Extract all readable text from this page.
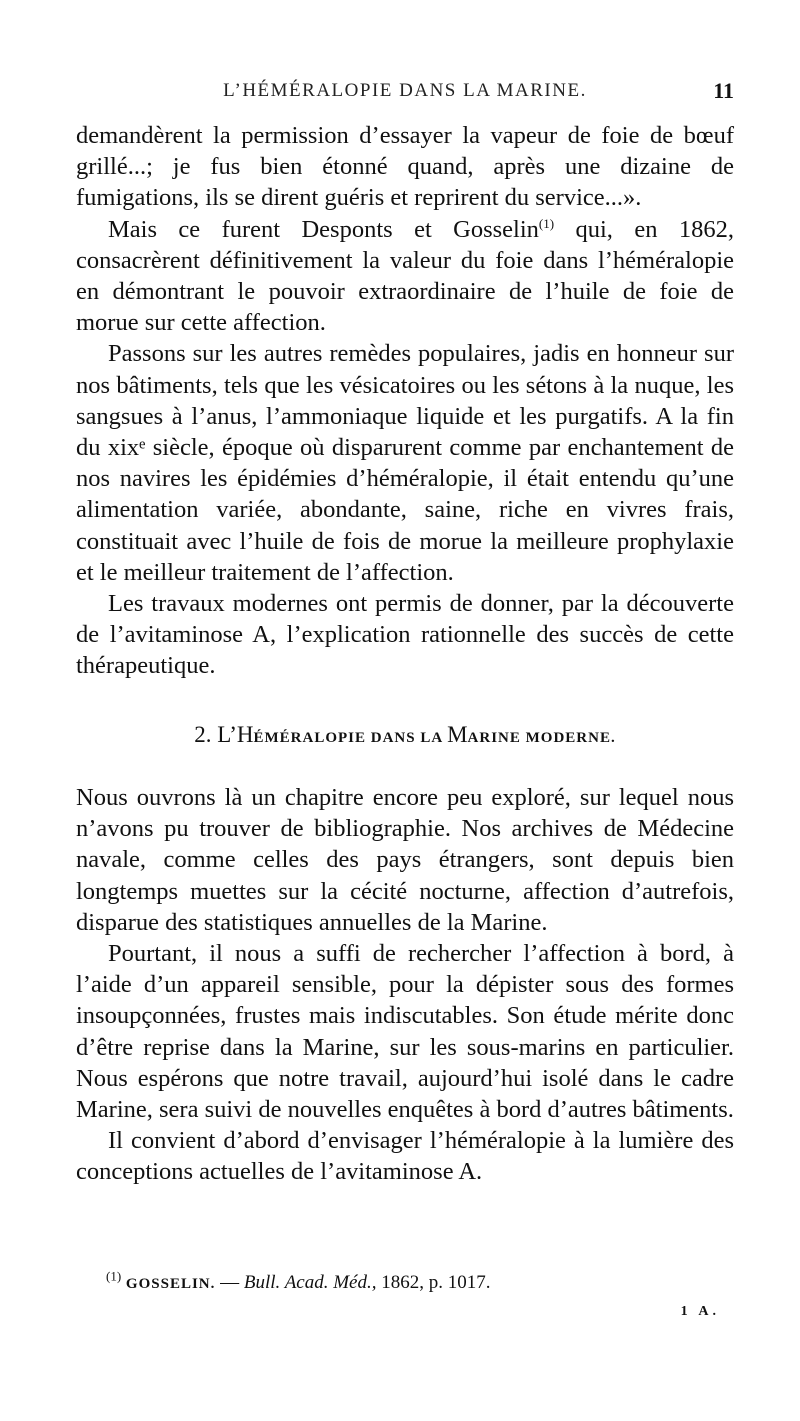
L’HÉMÉRALOPIE DANS LA MARINE.	11

demandèrent la permission d’essayer la vapeur de foie de bœuf grillé...; je fus bien étonné quand, après une dizaine de fumigations, ils se dirent guéris et reprirent du service...».

Mais ce furent Desponts et Gosselin$^{(1)}$ qui, en 1862, consacrèrent définitivement la valeur du foie dans l’héméralopie en démontrant le pouvoir extraordinaire de l’huile de foie de morue sur cette affection.

Passons sur les autres remèdes populaires, jadis en honneur sur nos bâtiments, tels que les vésicatoires ou les sétons à la nuque, les sangsues à l’anus, l’ammoniaque liquide et les purgatifs. A la fin du xixᵉ siècle, époque où disparurent comme par enchantement de nos navires les épidémies d’héméralopie, il était entendu qu’une alimentation variée, abondante, saine, riche en vivres frais, constituait avec l’huile de fois de morue la meilleure prophylaxie et le meilleur traitement de l’affection.

Les travaux modernes ont permis de donner, par la découverte de l’avitaminose A, l’explication rationnelle des succès de cette thérapeutique.

2. L’HÉMÉRALOPIE DANS LA MARINE MODERNE.

Nous ouvrons là un chapitre encore peu exploré, sur lequel nous n’avons pu trouver de bibliographie. Nos archives de Médecine navale, comme celles des pays étrangers, sont depuis bien longtemps muettes sur la cécité nocturne, affection d’autrefois, disparue des statistiques annuelles de la Marine.

Pourtant, il nous a suffi de rechercher l’affection à bord, à l’aide d’un appareil sensible, pour la dépister sous des formes insoupçonnées, frustes mais indiscutables. Son étude mérite donc d’être reprise dans la Marine, sur les sous-marins en particulier. Nous espérons que notre travail, aujourd’hui isolé dans le cadre Marine, sera suivi de nouvelles enquêtes à bord d’autres bâtiments.

Il convient d’abord d’envisager l’héméralopie à la lumière des conceptions actuelles de l’avitaminose A.

$^{(1)}$ GOSSELIN. — Bull. Acad. Méd., 1862, p. 1017.
1 A.
